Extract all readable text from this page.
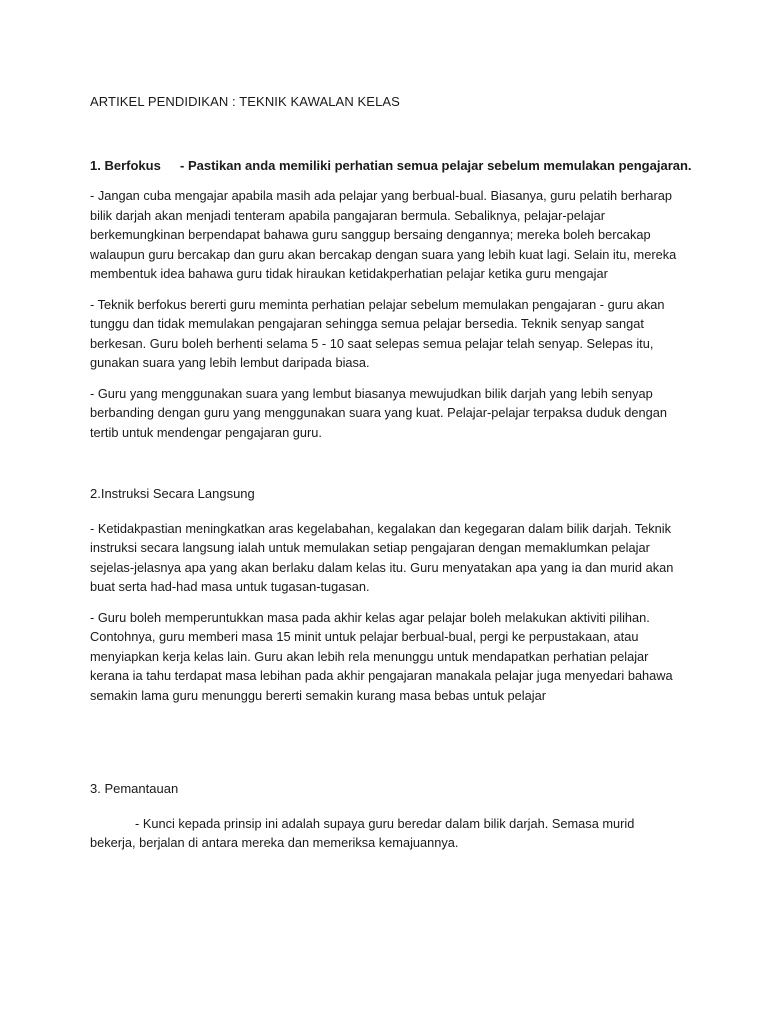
ARTIKEL PENDIDIKAN : TEKNIK KAWALAN KELAS

1. Berfokus - Pastikan anda memiliki perhatian semua pelajar sebelum memulakan pengajaran.

- Jangan cuba mengajar apabila masih ada pelajar yang berbual-bual. Biasanya, guru pelatih berharap bilik darjah akan menjadi tenteram apabila pangajaran bermula. Sebaliknya, pelajar-pelajar berkemungkinan berpendapat bahawa guru sanggup bersaing dengannya; mereka boleh bercakap walaupun guru bercakap dan guru akan bercakap dengan suara yang lebih kuat lagi. Selain itu, mereka membentuk idea bahawa guru tidak hiraukan ketidakperhatian pelajar ketika guru mengajar

- Teknik berfokus bererti guru meminta perhatian pelajar sebelum memulakan pengajaran - guru akan tunggu dan tidak memulakan pengajaran sehingga semua pelajar bersedia. Teknik senyap sangat berkesan. Guru boleh berhenti selama 5 - 10 saat selepas semua pelajar telah senyap. Selepas itu, gunakan suara yang lebih lembut daripada biasa.

- Guru yang menggunakan suara yang lembut biasanya mewujudkan bilik darjah yang lebih senyap berbanding dengan guru yang menggunakan suara yang kuat. Pelajar-pelajar terpaksa duduk dengan tertib untuk mendengar pengajaran guru.

2.Instruksi Secara Langsung

- Ketidakpastian meningkatkan aras kegelabahan, kegalakan dan kegegaran dalam bilik darjah. Teknik instruksi secara langsung ialah untuk memulakan setiap pengajaran dengan memaklumkan pelajar sejelas-jelasnya apa yang akan berlaku dalam kelas itu. Guru menyatakan apa yang ia dan murid akan buat serta had-had masa untuk tugasan-tugasan.

- Guru boleh memperuntukkan masa pada akhir kelas agar pelajar boleh melakukan aktiviti pilihan. Contohnya, guru memberi masa 15 minit untuk pelajar berbual-bual, pergi ke perpustakaan, atau menyiapkan kerja kelas lain. Guru akan lebih rela menunggu untuk mendapatkan perhatian pelajar kerana ia tahu terdapat masa lebihan pada akhir pengajaran manakala pelajar juga menyedari bahawa semakin lama guru menunggu bererti semakin kurang masa bebas untuk pelajar

3. Pemantauan

- Kunci kepada prinsip ini adalah supaya guru beredar dalam bilik darjah. Semasa murid bekerja, berjalan di antara mereka dan memeriksa kemajuannya.
